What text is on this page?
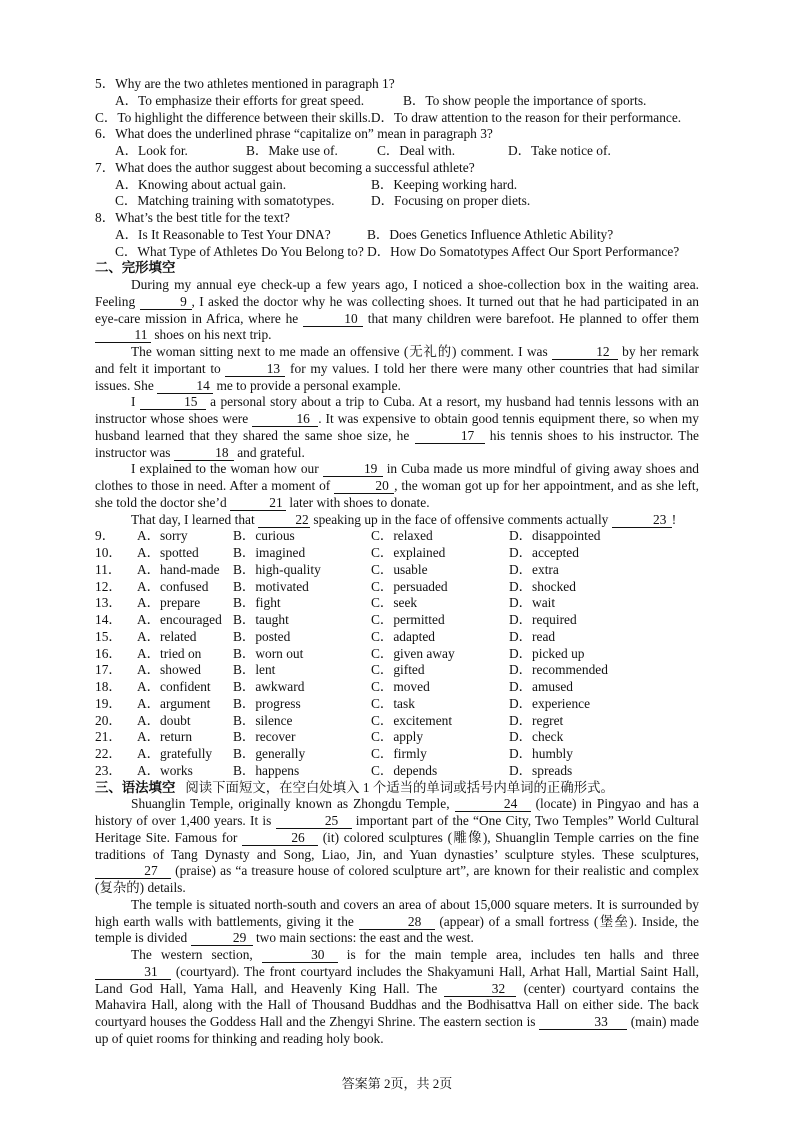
5．Why are the two athletes mentioned in paragraph 1?
A．To emphasize their efforts for great speed.	B．To show people the importance of sports.
C．To highlight the difference between their skills.D．To draw attention to the reason for their performance.
6．What does the underlined phrase “capitalize on” mean in paragraph 3?
A．Look for.	B．Make use of.	C．Deal with.	D．Take notice of.
7．What does the author suggest about becoming a successful athlete?
A．Knowing about actual gain.	B．Keeping working hard.
C．Matching training with somatotypes.	D．Focusing on proper diets.
8．What’s the best title for the text?
A．Is It Reasonable to Test Your DNA?	B．Does Genetics Influence Athletic Ability?
C．What Type of Athletes Do You Belong to? D．How Do Somatotypes Affect Our Sport Performance?
二、完形填空
During my annual eye check-up a few years ago, I noticed a shoe-collection box in the waiting area. Feeling	9 , I asked the doctor why he was collecting shoes. It turned out that he had participated in an eye-care mission in Africa, where he	10 that many children were barefoot. He planned to offer them 11 shoes on his next trip.
The woman sitting next to me made an offensive (无礼的) comment. I was	12 by her remark and felt it important to	13 for my values. I told her there were many other countries that had similar issues. She	14 me to provide a personal example.
I	15 a personal story about a trip to Cuba. At a resort, my husband had tennis lessons with an instructor whose shoes were	16 . It was expensive to obtain good tennis equipment there, so when my husband learned that they shared the same shoe size, he	17 his tennis shoes to his instructor. The instructor was	18 and grateful.
I explained to the woman how our	19 in Cuba made us more mindful of giving away shoes and clothes to those in need. After a moment of	20 , the woman got up for her appointment, and as she left, she told the doctor she’d	21 later with shoes to donate.
That day, I learned that	22 speaking up in the face of offensive comments actually	23 !
9．	A．sorry	B．curious	C．relaxed	D．disappointed
10．	A．spotted	B．imagined	C．explained	D．accepted
11．	A．hand-made	B．high-quality	C．usable	D．extra
12．	A．confused	B．motivated	C．persuaded	D．shocked
13．	A．prepare	B．fight	C．seek	D．wait
14．	A．encouraged B．taught	C．permitted	D．required
15．	A．related	B．posted	C．adapted	D．read
16．	A．tried on	B．worn out	C．given away	D．picked up
17．	A．showed	B．lent	C．gifted	D．recommended
18．	A．confident	B．awkward	C．moved	D．amused
19．	A．argument	B．progress	C．task	D．experience
20．	A．doubt	B．silence	C．excitement	D．regret
21．	A．return	B．recover	C．apply	D．check
22．	A．gratefully	B．generally	C．firmly	D．humbly
23．	A．works	B．happens	C．depends	D．spreads
三、语法填空 阅读下面短文，在空白处填入 1 个适当的单词或括号内单词的正确形式。
Shuanglin Temple, originally known as Zhongdu Temple,	24 (locate) in Pingyao and has a history of over 1,400 years. It is	25 important part of the “One City, Two Temples” World Cultural Heritage Site. Famous for	26 (it) colored sculptures (雕像), Shuanglin Temple carries on the fine traditions of Tang Dynasty and Song, Liao, Jin, and Yuan dynasties’ sculpture styles. These sculptures, 27 (praise) as “a treasure house of colored sculpture art”, are known for their realistic and complex (复杂的) details.
The temple is situated north-south and covers an area of about 15,000 square meters. It is surrounded by high earth walls with battlements, giving it the	28 (appear) of a small fortress (堡垒). Inside, the temple is divided	29 two main sections: the east and the west.
The western section,	30 is for the main temple area, includes ten halls and three 31 (courtyard). The front courtyard includes the Shakyamuni Hall, Arhat Hall, Martial Saint Hall, Land God Hall, Yama Hall, and Heavenly King Hall. The	32 (center) courtyard contains the Mahavira Hall, along with the Hall of Thousand Buddhas and the Bodhisattva Hall on either side. The back courtyard houses the Goddess Hall and the Zhengyi Shrine. The eastern section is	33 (main) made up of quiet rooms for thinking and reading holy book.
答案第 2页，共 2页
